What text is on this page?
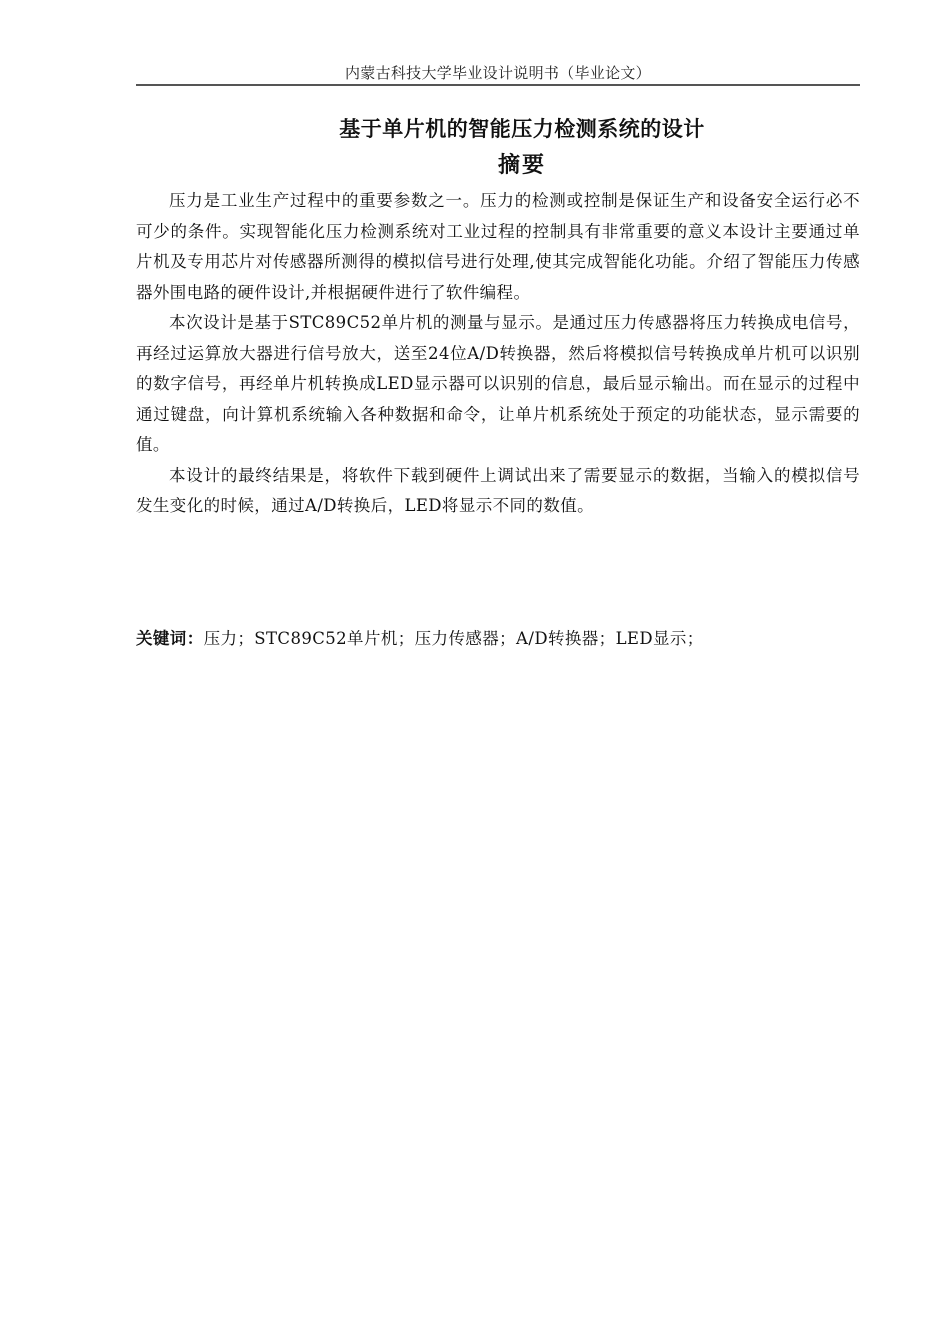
内蒙古科技大学毕业设计说明书（毕业论文）
基于单片机的智能压力检测系统的设计
摘要

压力是工业生产过程中的重要参数之一。压力的检测或控制是保证生产和设备安全运行必不可少的条件。实现智能化压力检测系统对工业过程的控制具有非常重要的意义本设计主要通过单片机及专用芯片对传感器所测得的模拟信号进行处理,使其完成智能化功能。介绍了智能压力传感器外围电路的硬件设计,并根据硬件进行了软件编程。

本次设计是基于STC89C52单片机的测量与显示。是通过压力传感器将压力转换成电信号，再经过运算放大器进行信号放大，送至24位A/D转换器，然后将模拟信号转换成单片机可以识别的数字信号，再经单片机转换成LED显示器可以识别的信息，最后显示输出。而在显示的过程中通过键盘，向计算机系统输入各种数据和命令，让单片机系统处于预定的功能状态，显示需要的值。

本设计的最终结果是，将软件下载到硬件上调试出来了需要显示的数据，当输入的模拟信号发生变化的时候，通过A/D转换后，LED将显示不同的数值。

关键词：压力；STC89C52单片机；压力传感器；A/D转换器；LED显示；
